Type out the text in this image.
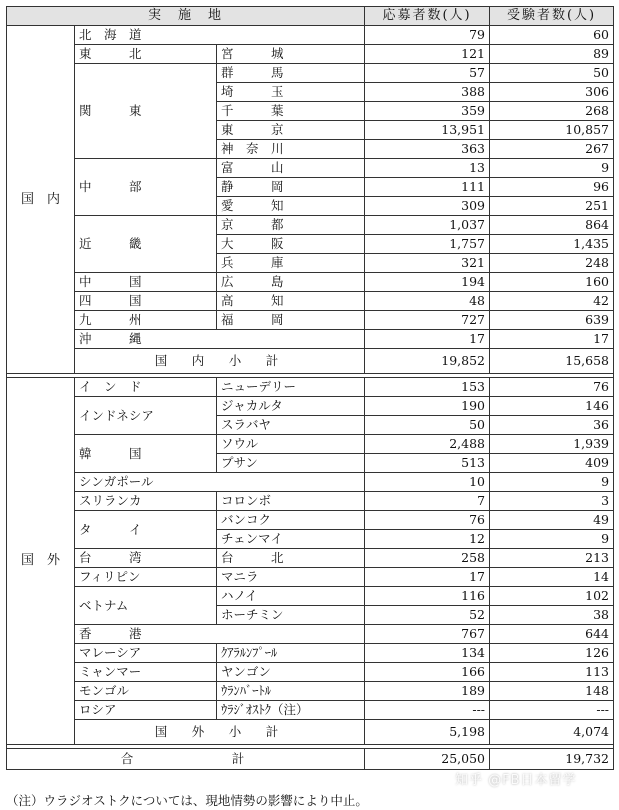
実　施　地			応募者数(人)	受験者数(人)
国　内	北　海　道		79	60
	東　　　北	宮　　　城	121	89
	関　　　東	群　　　馬	57	50
		埼　　　玉	388	306
		千　　　葉	359	268
		東　　　京	13,951	10,857
		神　奈　川	363	267
	中　　　部	富　　　山	13	9
		静　　　岡	111	96
		愛　　　知	309	251
	近　　　畿	京　　　都	1,037	864
		大　　　阪	1,757	1,435
		兵　　　庫	321	248
	中　　　国	広　　　島	194	160
	四　　　国	高　　　知	48	42
	九　　　州	福　　　岡	727	639
	沖　　　縄		17	17
	国　内　小　計		19,852	15,658

国　外	イ　ン　ド	ニューデリー	153	76
	インドネシア	ジャカルタ	190	146
		スラバヤ	50	36
	韓　　　国	ソウル	2,488	1,939
		プサン	513	409
	シンガポール		10	9
	スリランカ	コロンボ	7	3
	タ　　　イ	バンコク	76	49
		チェンマイ	12	9
	台　　　湾	台　　　北	258	213
	フィリピン	マニラ	17	14
	ベトナム	ハノイ	116	102
		ホーチミン	52	38
	香　　　港		767	644
	マレーシア	ｸｱﾗﾙﾝﾌﾟｰﾙ	134	126
	ミャンマー	ヤンゴン	166	113
	モンゴル	ｳﾗﾝﾊﾞｰﾄﾙ	189	148
	ロシア	ｳﾗｼﾞｵｽﾄｸ（注）	---	---
	国　外　小　計		5,198	4,074

合　　　　　計			25,050	19,732
（注）ウラジオストクについては、現地情勢の影響により中止。
知乎 @FB日本留学
